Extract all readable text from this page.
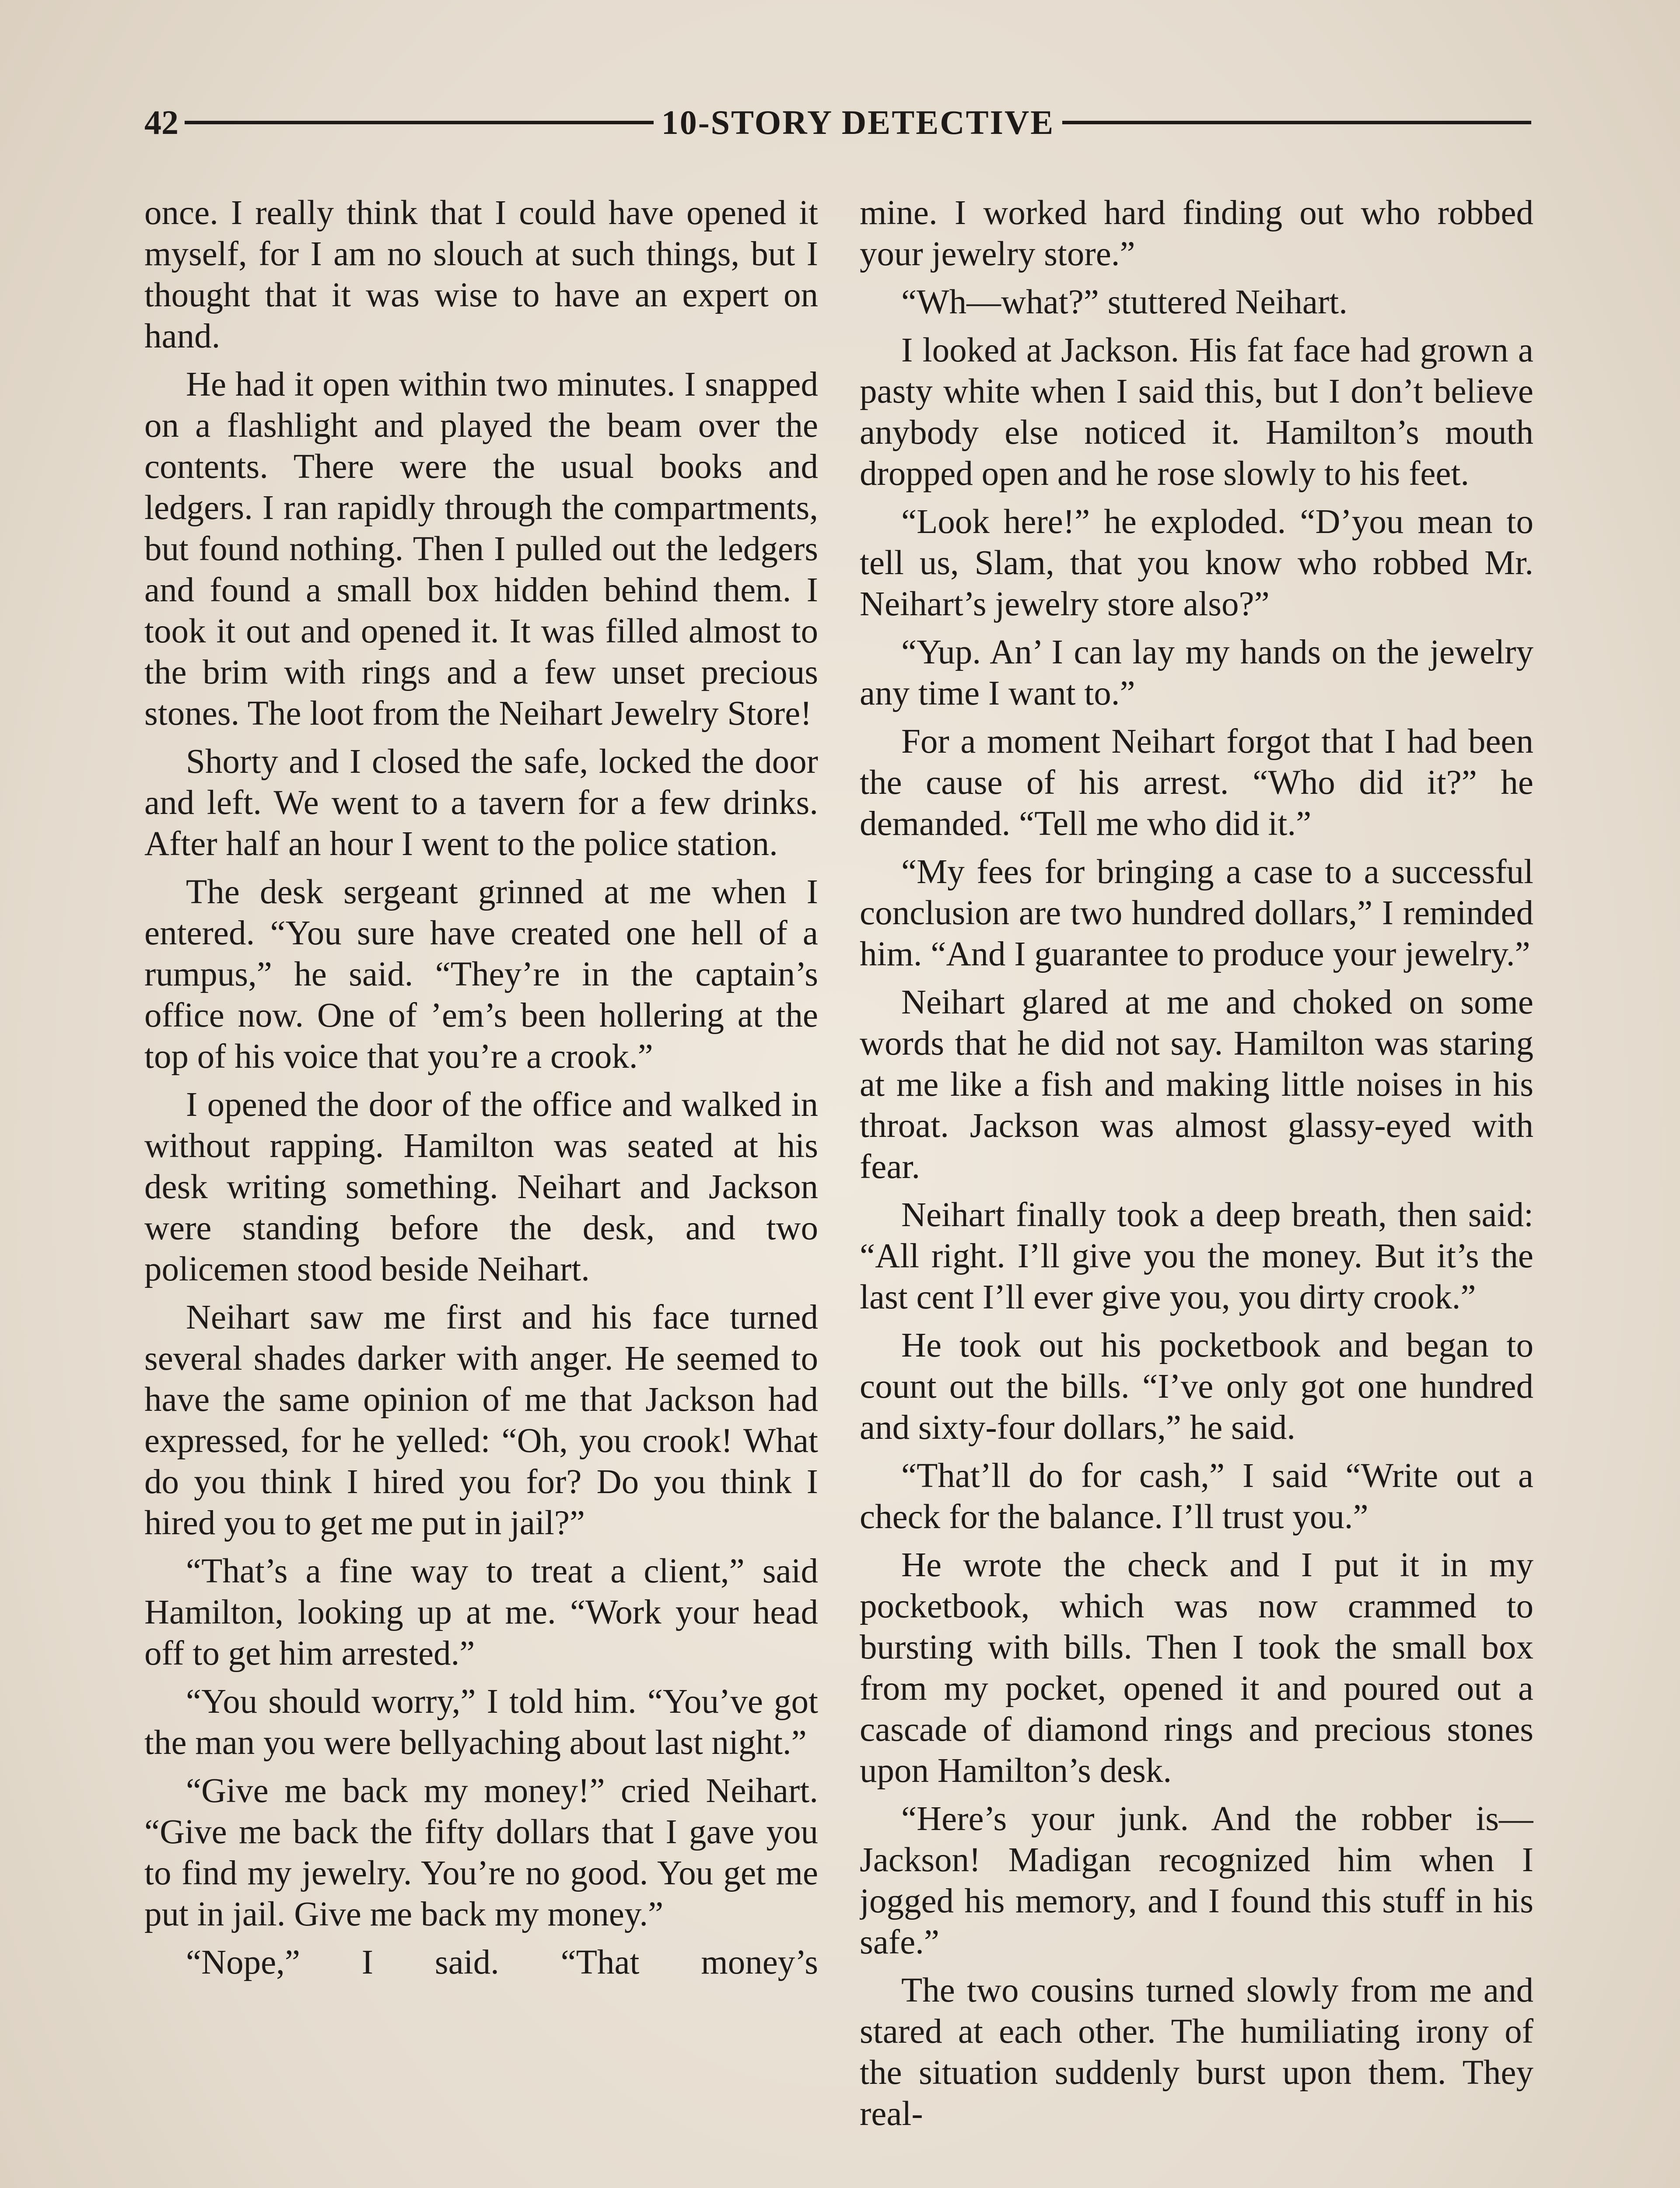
42	10-STORY DETECTIVE

once. I really think that I could have opened it myself, for I am no slouch at such things, but I thought that it was wise to have an expert on hand.

He had it open within two minutes. I snapped on a flashlight and played the beam over the contents. There were the usual books and ledgers. I ran rapidly through the compartments, but found nothing. Then I pulled out the ledgers and found a small box hidden behind them. I took it out and opened it. It was filled almost to the brim with rings and a few unset precious stones. The loot from the Neihart Jewelry Store!

Shorty and I closed the safe, locked the door and left. We went to a tavern for a few drinks. After half an hour I went to the police station.

The desk sergeant grinned at me when I entered. “You sure have created one hell of a rumpus,” he said. “They’re in the captain’s office now. One of ’em’s been hollering at the top of his voice that you’re a crook.”

I opened the door of the office and walked in without rapping. Hamilton was seated at his desk writing something. Neihart and Jackson were standing before the desk, and two policemen stood beside Neihart.

Neihart saw me first and his face turned several shades darker with anger. He seemed to have the same opinion of me that Jackson had expressed, for he yelled: “Oh, you crook! What do you think I hired you for? Do you think I hired you to get me put in jail?”

“That’s a fine way to treat a client,” said Hamilton, looking up at me. “Work your head off to get him arrested.”

“You should worry,” I told him. “You’ve got the man you were bellyaching about last night.”

“Give me back my money!” cried Neihart. “Give me back the fifty dollars that I gave you to find my jewelry. You’re no good. You get me put in jail. Give me back my money.”

“Nope,” I said. “That money’s

mine. I worked hard finding out who robbed your jewelry store.”

“Wh—what?” stuttered Neihart.

I looked at Jackson. His fat face had grown a pasty white when I said this, but I don’t believe anybody else noticed it. Hamilton’s mouth dropped open and he rose slowly to his feet.

“Look here!” he exploded. “D’you mean to tell us, Slam, that you know who robbed Mr. Neihart’s jewelry store also?”

“Yup. An’ I can lay my hands on the jewelry any time I want to.”

For a moment Neihart forgot that I had been the cause of his arrest. “Who did it?” he demanded. “Tell me who did it.”

“My fees for bringing a case to a successful conclusion are two hundred dollars,” I reminded him. “And I guarantee to produce your jewelry.”

Neihart glared at me and choked on some words that he did not say. Hamilton was staring at me like a fish and making little noises in his throat. Jackson was almost glassy-eyed with fear.

Neihart finally took a deep breath, then said: “All right. I’ll give you the money. But it’s the last cent I’ll ever give you, you dirty crook.”

He took out his pocketbook and began to count out the bills. “I’ve only got one hundred and sixty-four dollars,” he said.

“That’ll do for cash,” I said “Write out a check for the balance. I’ll trust you.”

He wrote the check and I put it in my pocketbook, which was now crammed to bursting with bills. Then I took the small box from my pocket, opened it and poured out a cascade of diamond rings and precious stones upon Hamilton’s desk.

“Here’s your junk. And the robber is—Jackson! Madigan recognized him when I jogged his memory, and I found this stuff in his safe.”

The two cousins turned slowly from me and stared at each other. The humiliating irony of the situation suddenly burst upon them. They real-
